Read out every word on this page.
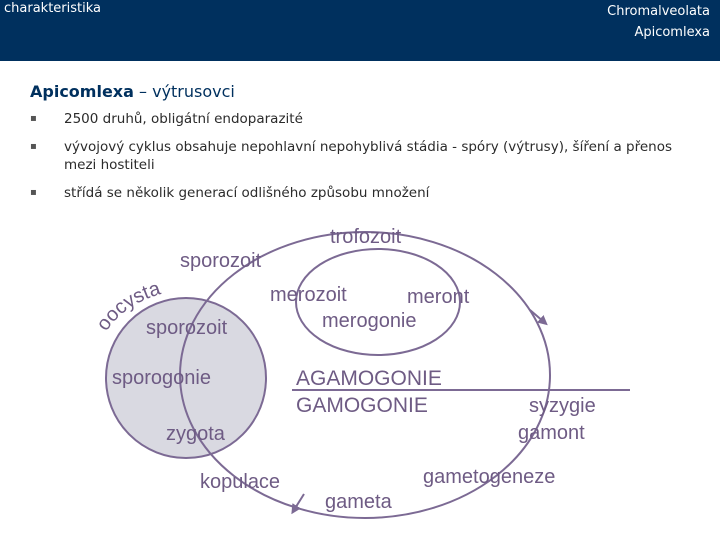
charakteristika	Chromalveolata
Apicomlexa
Apicomlexa – výtrusovci
▪ 2500 druhů, obligátní endoparazité
▪ vývojový cyklus obsahuje nepohlavní nepohyblivá stádia - spóry (výtrusy), šíření a přenos mezi hostiteli
▪ střídá se několik generací odlišného způsobu množení
trofozoit
sporozoit
oocysta	merozoit	meront
merogonie
sporozoit
sporogonie	AGAMOGONIE
GAMOGONIE	syzygie
gamont
zygota
gametogeneze
kopulace
gameta
